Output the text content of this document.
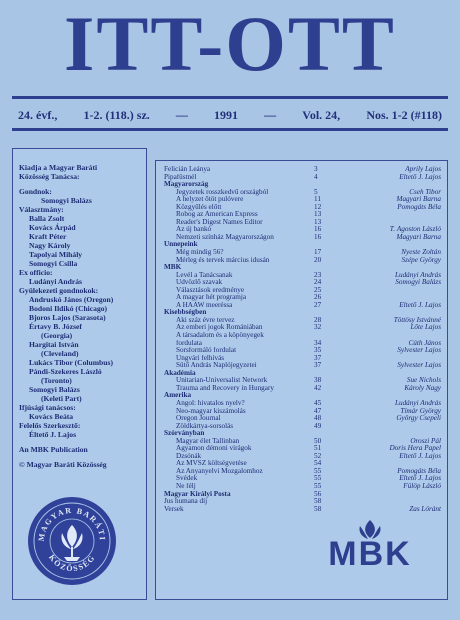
ITT-OTT
24. évf., 1-2. (118.) sz. — 1991 — Vol. 24, Nos. 1-2 (#118)
Kiadja a Magyar Baráti
Közösség Tanácsa:
Gondnok:
Somogyi Balázs
Választmány:
Balla Zsolt
Kovács Árpád
Kraft Péter
Nagy Károly
Tapolyai Mihály
Somogyi Csilla
Ex officio:
Ludányi András
Gyülekezeti gondnokok:
Andruskó János (Oregon)
Bodoni Ildikó (Chicago)
Bjoros Lajos (Sarasota)
Értavy B. József
(Georgia)
Hargitai István
(Cleveland)
Lukács Tibor (Columbus)
Pándi-Szekeres László
(Toronto)
Somogyi Balázs
(Keleti Part)
Ifjúsági tanácsos:
Kovács Beáta
Felelős Szerkesztő:
Éltető J. Lajos
An MBK Publication
© Magyar Baráti Közösség
MAGYAR BARÁTI
KÖZÖSSÉG
Felicián Leánya	3	Áprily Lajos
Pipafüstnél	4	Éltető J. Lajos
Magyarország
Jegyzetek rosszkedvű országból	5	Cseh Tibor
A helyzet őtöt pulóvere	11	Magyari Barna
Közgyűlés előtt	12	Pomogáts Béla
Robog az American Express	13
Reader's Digest Names Editor	13
Az új bankó	16	T. Ágoston László
Nemzeti színház Magyarországon	16	Magyari Barna
Ünnepeink
Még mindig 56?	17	Nyeste Zoltán
Mérleg és tervek március idusán	20	Szépe György
MBK
Levél a Tanácsanak	23	Ludányi András
Üdvözlő szavak	24	Somogyi Balázs
Választások eredménye	25
A magyar hét programja	26
A HAAW meeréssa	27	Éltető J. Lajos
Kisebbségben
Aki száz évre tervez	28	Töttösy Istvánné
Az emberi jogok Romániában	32	Lőte Lajos
A társadalom és a köpönyegek
fordulata	34	Cúth János
Sorsformáló fordulat	35	Sylvester Lajos
Ungvári felhívás	37
Sütő András Naplójegyzetei	37	Sylvester Lajos
Akadémia
Unitarian-Universalist Network	38	Sue Nichols
Trauma and Recovery in Hungary	42	Károly Nagy
Amerika
Angol: hivatalos nyelv?	45	Ludányi András
Neo-magyar kiszámolás	47	Tímár György
Oregon Journal	48	György Csepeli
Zöldkártya-sorsolás	49
Szórványban
Magyar élet Tallinban	50	Oroszi Pál
Ágyamon démoni virágok	51	Doris Hera Papel
Dzsónák	52	Éltető J. Lajos
Az MVSZ költségvetése	54
Az Anyanyelvi Mozgalomhoz	55	Pomogáts Béla
Svédek	55	Éltető J. Lajos
Ne félj	55	Fülöp László
Magyar Királyi Posta	56
Jus humana dij	58
Versek	58	Zas Lóránt
MBK
